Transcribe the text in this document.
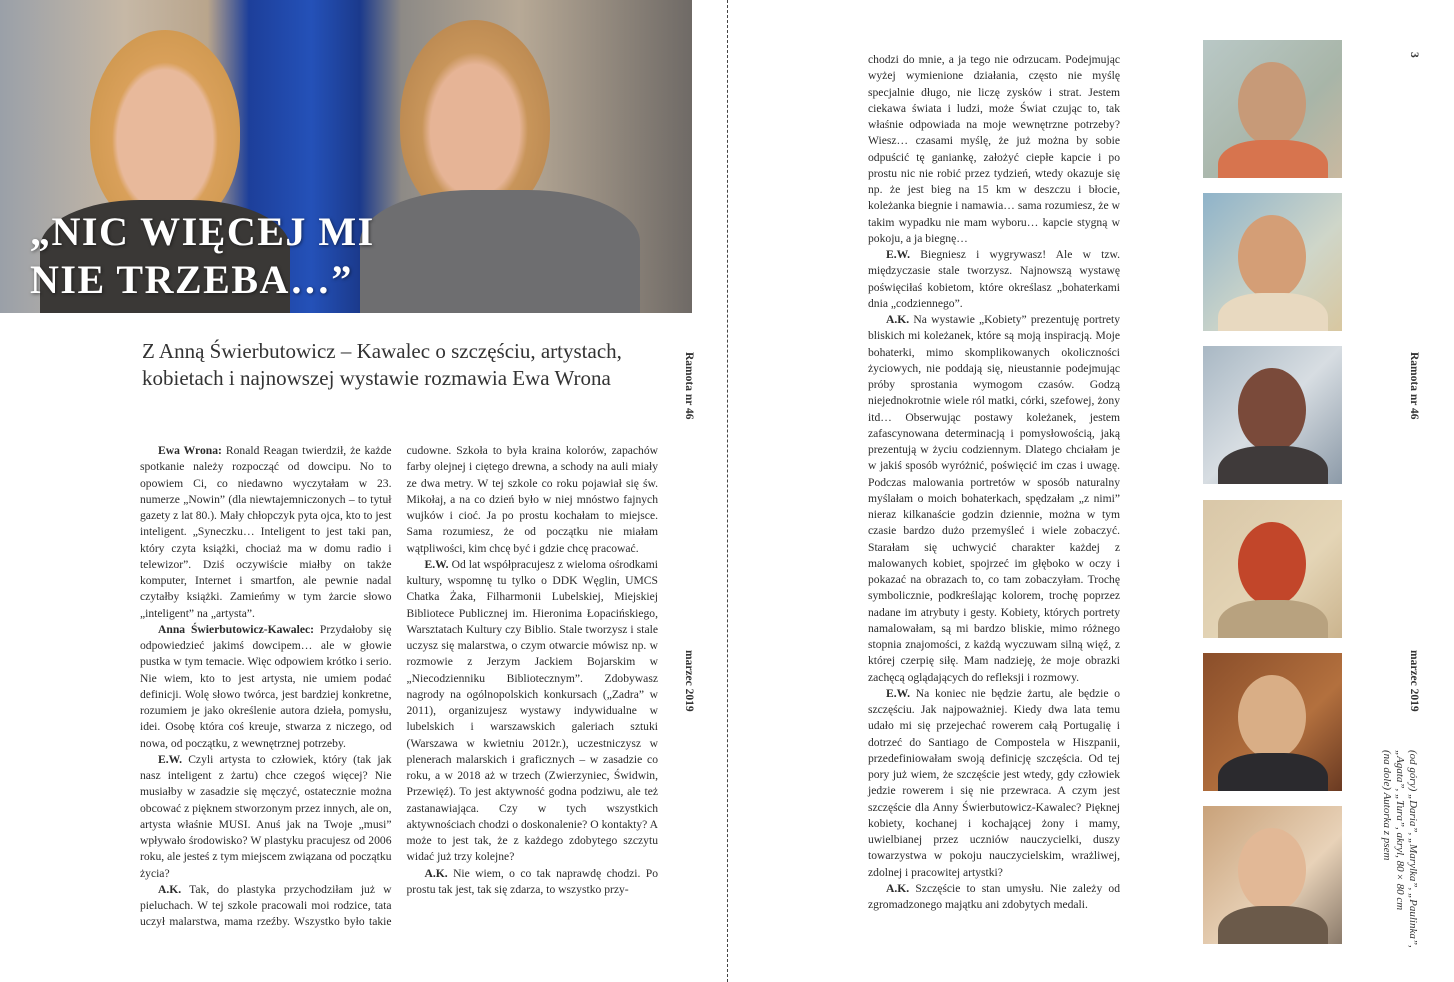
„NIC WIĘCEJ MI
NIE TRZEBA…”
Z Anną Świerbutowicz – Kawalec o szczęściu, artystach,
kobietach i najnowszej wystawie rozmawia Ewa Wrona	Ramota nr 46
marzec 2019

Ewa Wrona: Ronald Reagan twierdził, że każde spotkanie należy rozpocząć od dowcipu. No to opowiem Ci, co niedawno wyczytałam w 23. numerze „Nowin” (dla niewtajemniczonych – to tytuł gazety z lat 80.). Mały chłopczyk pyta ojca, kto to jest inteligent. „Syneczku… Inteligent to jest taki pan, który czyta książki, chociaż ma w domu radio i telewizor”. Dziś oczywiście miałby on także komputer, Internet i smartfon, ale pewnie nadal czytałby książki. Zamieńmy w tym żarcie słowo „inteligent” na „artysta”.

Anna Świerbutowicz-Kawalec: Przydałoby się odpowiedzieć jakimś dowcipem… ale w głowie pustka w tym temacie. Więc odpowiem krótko i serio. Nie wiem, kto to jest artysta, nie umiem podać definicji. Wolę słowo twórca, jest bardziej konkretne, rozumiem je jako określenie autora dzieła, pomysłu, idei. Osobę która coś kreuje, stwarza z niczego, od nowa, od początku, z wewnętrznej potrzeby.

E.W. Czyli artysta to człowiek, który (tak jak nasz inteligent z żartu) chce czegoś więcej? Nie musiałby w zasadzie się męczyć, ostatecznie można obcować z pięknem stworzonym przez innych, ale on, artysta właśnie MUSI. Anuś jak na Twoje „musi” wpływało środowisko? W plastyku pracujesz od 2006 roku, ale jesteś z tym miejscem związana od początku życia?

A.K. Tak, do plastyka przychodziłam już w pieluchach. W tej szkole pracowali moi rodzice, tata uczył malarstwa, mama rzeźby. Wszystko było takie cudowne. Szkoła to była kraina kolorów, zapachów farby olejnej i ciętego drewna, a schody na auli miały ze dwa metry. W tej szkole co roku pojawiał się św. Mikołaj, a na co dzień było w niej mnóstwo fajnych wujków i cioć. Ja po prostu kochałam to miejsce. Sama rozumiesz, że od początku nie miałam wątpliwości, kim chcę być i gdzie chcę pracować.

E.W. Od lat współpracujesz z wieloma ośrodkami kultury, wspomnę tu tylko o DDK Węglin, UMCS Chatka Żaka, Filharmonii Lubelskiej, Miejskiej Bibliotece Publicznej im. Hieronima Łopacińskiego, Warsztatach Kultury czy Biblio. Stale tworzysz i stale uczysz się malarstwa, o czym otwarcie mówisz np. w rozmowie z Jerzym Jackiem Bojarskim w „Niecodzienniku Bibliotecznym”. Zdobywasz nagrody na ogólnopolskich konkursach („Zadra” w 2011), organizujesz wystawy indywidualne w lubelskich i warszawskich galeriach sztuki (Warszawa w kwietniu 2012r.), uczestniczysz w plenerach malarskich i graficznych – w zasadzie co roku, a w 2018 aż w trzech (Zwierzyniec, Świdwin, Przewięź). To jest aktywność godna podziwu, ale też zastanawiająca. Czy w tych wszystkich aktywnościach chodzi o doskonalenie? O kontakty? A może to jest tak, że z każdego zdobytego szczytu widać już trzy kolejne?

A.K. Nie wiem, o co tak naprawdę chodzi. Po prostu tak jest, tak się zdarza, to wszystko przy-

chodzi do mnie, a ja tego nie odrzucam. Podejmując wyżej wymienione działania, często nie myślę specjalnie długo, nie liczę zysków i strat. Jestem ciekawa świata i ludzi, może Świat czując to, tak właśnie odpowiada na moje wewnętrzne potrzeby? Wiesz… czasami myślę, że już można by sobie odpuścić tę ganiankę, założyć ciepłe kapcie i po prostu nic nie robić przez tydzień, wtedy okazuje się np. że jest bieg na 15 km w deszczu i błocie, koleżanka biegnie i namawia… sama rozumiesz, że w takim wypadku nie mam wyboru… kapcie stygną w pokoju, a ja biegnę…

E.W. Biegniesz i wygrywasz! Ale w tzw. międzyczasie stale tworzysz. Najnowszą wystawę poświęciłaś kobietom, które określasz „bohaterkami dnia „codziennego”.

A.K. Na wystawie „Kobiety” prezentuję portrety bliskich mi koleżanek, które są moją inspiracją. Moje bohaterki, mimo skomplikowanych okoliczności życiowych, nie poddają się, nieustannie podejmując próby sprostania wymogom czasów. Godzą niejednokrotnie wiele ról matki, córki, szefowej, żony itd… Obserwując postawy koleżanek, jestem zafascynowana determinacją i pomysłowością, jaką prezentują w życiu codziennym. Dlatego chciałam je w jakiś sposób wyróżnić, poświęcić im czas i uwagę. Podczas malowania portretów w sposób naturalny myślałam o moich bohaterkach, spędzałam „z nimi” nieraz kilkanaście godzin dziennie, można w tym czasie bardzo dużo przemyśleć i wiele zobaczyć. Starałam się uchwycić charakter każdej z malowanych kobiet, spojrzeć im głęboko w oczy i pokazać na obrazach to, co tam zobaczyłam. Trochę symbolicznie, podkreślając kolorem, trochę poprzez nadane im atrybuty i gesty. Kobiety, których portrety namalowałam, są mi bardzo bliskie, mimo różnego stopnia znajomości, z każdą wyczuwam silną więź, z której czerpię siłę. Mam nadzieję, że moje obrazki zachęcą oglądających do refleksji i rozmowy.

E.W. Na koniec nie będzie żartu, ale będzie o szczęściu. Jak najpoważniej. Kiedy dwa lata temu udało mi się przejechać rowerem całą Portugalię i dotrzeć do Santiago de Compostela w Hiszpanii, przedefiniowałam swoją definicję szczęścia. Od tej pory już wiem, że szczęście jest wtedy, gdy człowiek jedzie rowerem i się nie przewraca. A czym jest szczęście dla Anny Świerbutowicz-Kawalec? Pięknej kobiety, kochanej i kochającej żony i mamy, uwielbianej przez uczniów nauczycielki, duszy towarzystwa w pokoju nauczycielskim, wrażliwej, zdolnej i pracowitej artystki?

A.K. Szczęście to stan umysłu. Nie zależy od zgromadzonego majątku ani zdobytych medali.

3
Ramota nr 46
marzec 2019
(od góry) „Daria”, „Marylka”, „Paulinka”,
„Agata”, „Tura”, akryl, 80×80 cm
(na dole) Autorka z psem
